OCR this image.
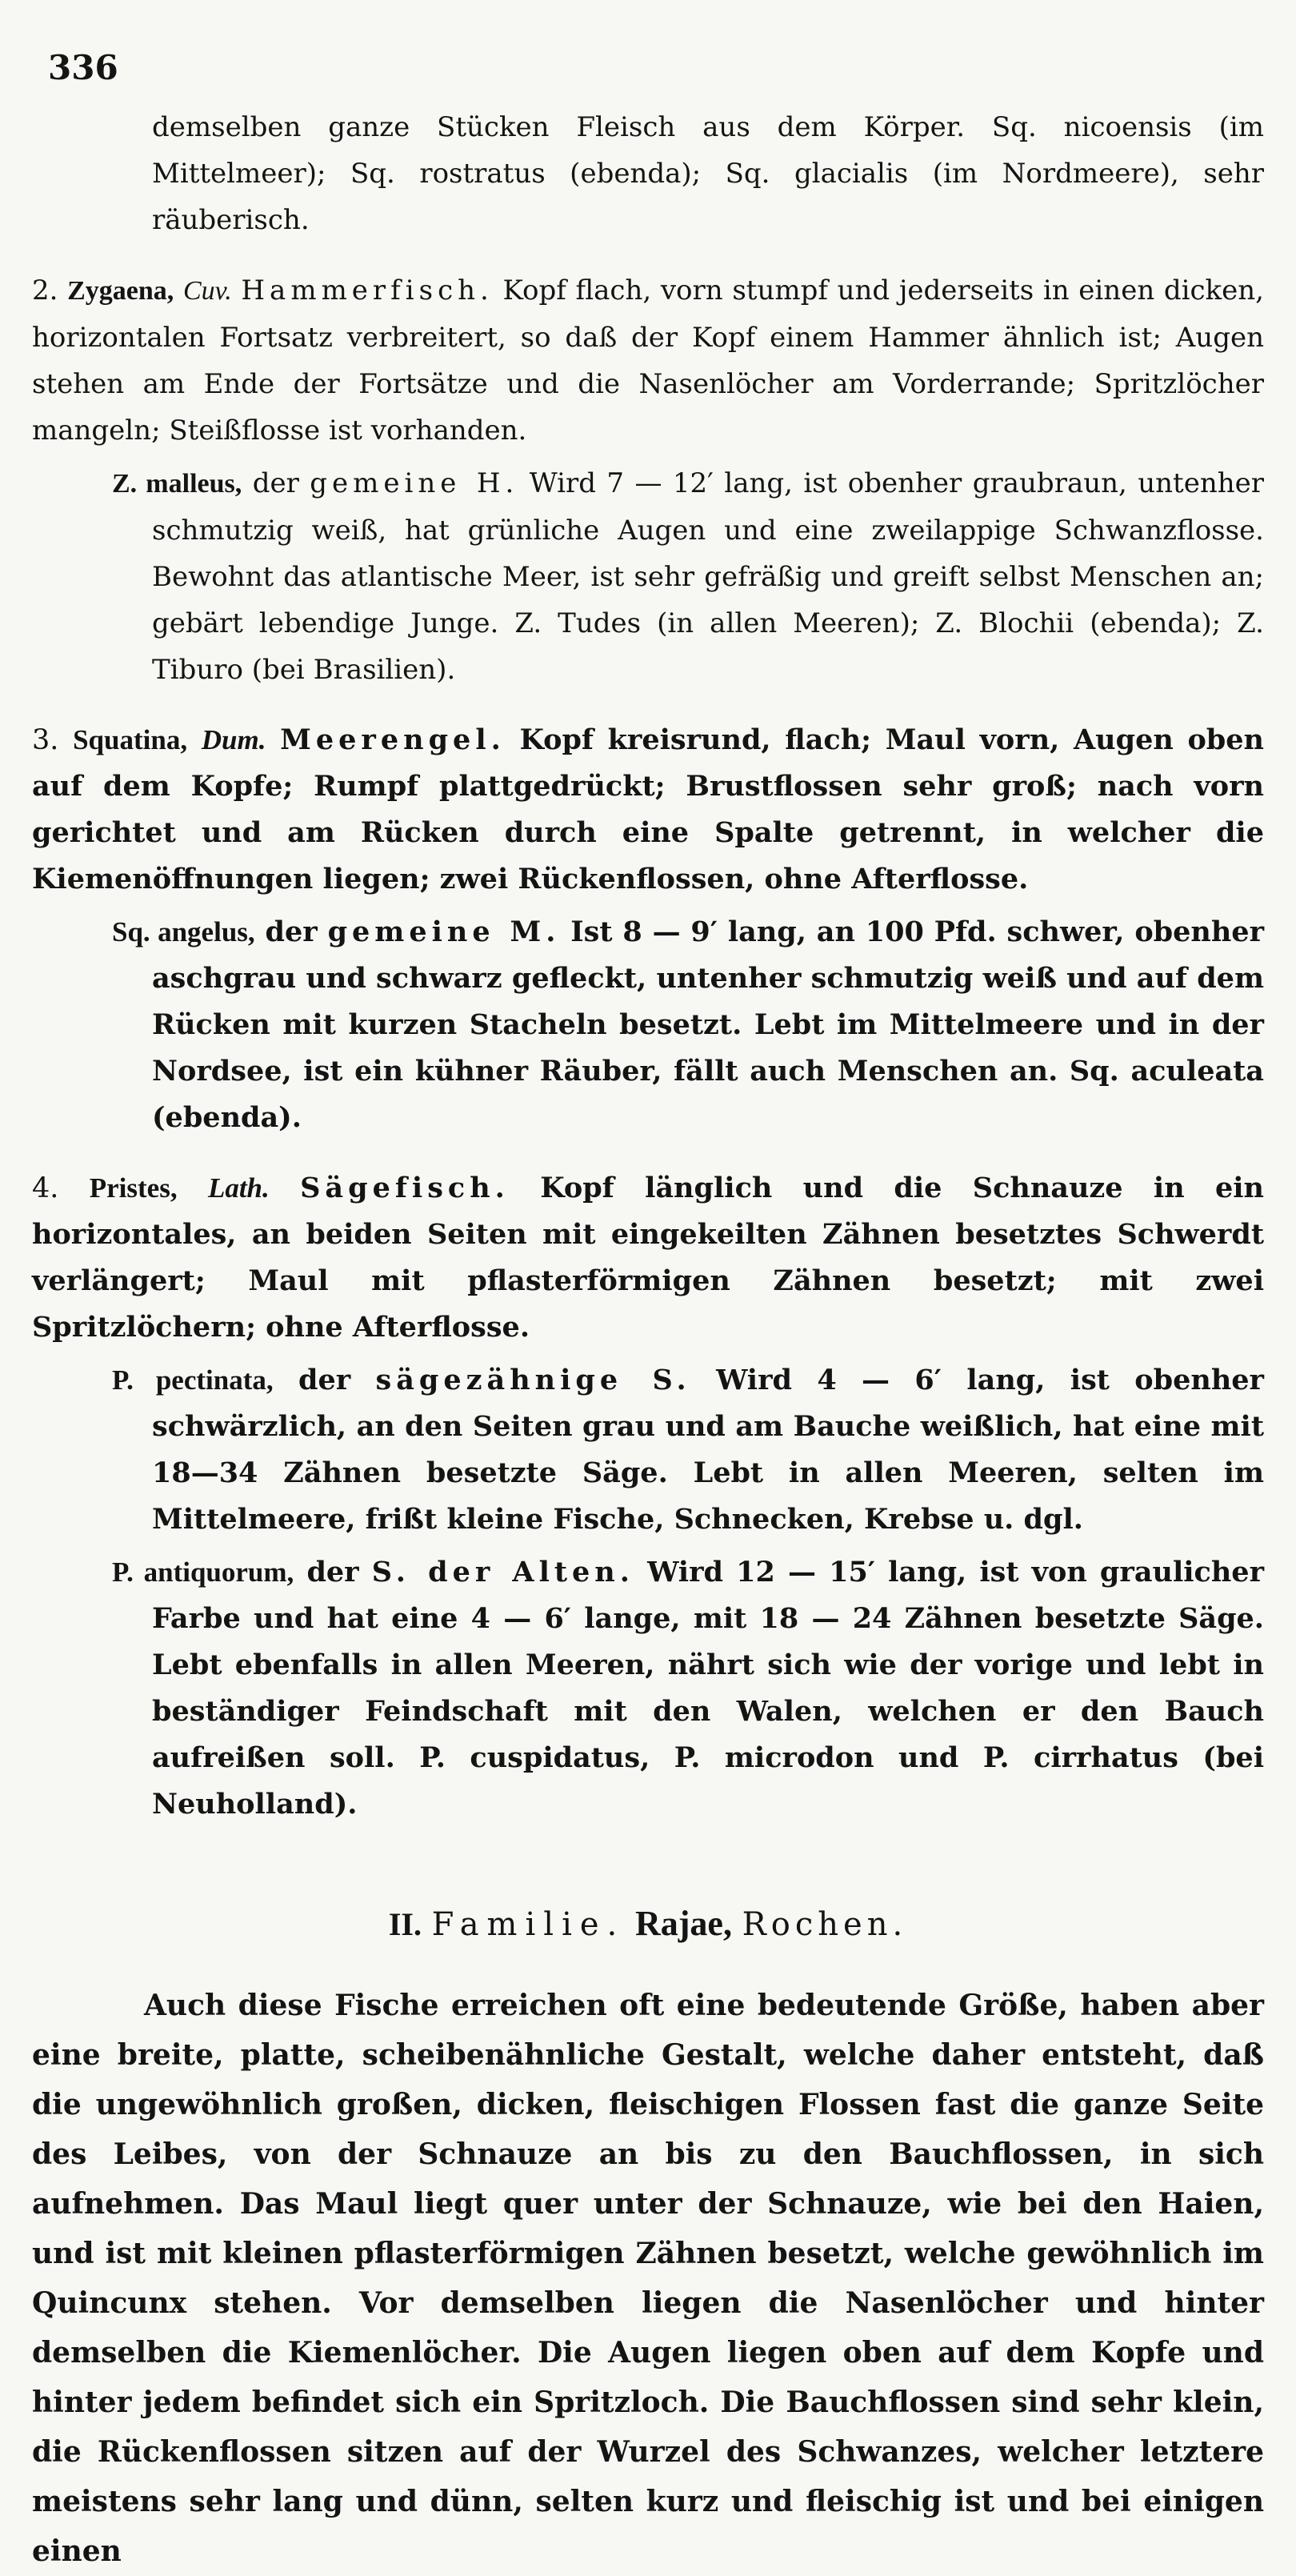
336

demselben ganze Stücken Fleisch aus dem Körper. Sq. nicoensis (im Mittelmeer); Sq. rostratus (ebenda); Sq. glacialis (im Nordmeere), sehr räuberisch.

2. Zygaena, Cuv. Hammerfisch. Kopf flach, vorn stumpf und jederseits in einen dicken, horizontalen Fortsatz verbreitert, so daß der Kopf einem Hammer ähnlich ist; Augen stehen am Ende der Fortsätze und die Nasenlöcher am Vorderrande; Spritzlöcher mangeln; Steißflosse ist vorhanden.

Z. malleus, der gemeine H. Wird 7 — 12′ lang, ist obenher graubraun, untenher schmutzig weiß, hat grünliche Augen und eine zweilappige Schwanzflosse. Bewohnt das atlantische Meer, ist sehr gefräßig und greift selbst Menschen an; gebärt lebendige Junge. Z. Tudes (in allen Meeren); Z. Blochii (ebenda); Z. Tiburo (bei Brasilien).

3. Squatina, Dum. Meerengel. Kopf kreisrund, flach; Maul vorn, Augen oben auf dem Kopfe; Rumpf plattgedrückt; Brustflossen sehr groß; nach vorn gerichtet und am Rücken durch eine Spalte getrennt, in welcher die Kiemenöffnungen liegen; zwei Rückenflossen, ohne Afterflosse.

Sq. angelus, der gemeine M. Ist 8 — 9′ lang, an 100 Pfd. schwer, obenher aschgrau und schwarz gefleckt, untenher schmutzig weiß und auf dem Rücken mit kurzen Stacheln besetzt. Lebt im Mittelmeere und in der Nordsee, ist ein kühner Räuber, fällt auch Menschen an. Sq. aculeata (ebenda).

4. Pristes, Lath. Sägefisch. Kopf länglich und die Schnauze in ein horizontales, an beiden Seiten mit eingekeilten Zähnen besetztes Schwerdt verlängert; Maul mit pflasterförmigen Zähnen besetzt; mit zwei Spritzlöchern; ohne Afterflosse.

P. pectinata, der sägezähnige S. Wird 4 — 6′ lang, ist obenher schwärzlich, an den Seiten grau und am Bauche weißlich, hat eine mit 18—34 Zähnen besetzte Säge. Lebt in allen Meeren, selten im Mittelmeere, frißt kleine Fische, Schnecken, Krebse u. dgl.

P. antiquorum, der S. der Alten. Wird 12 — 15′ lang, ist von graulicher Farbe und hat eine 4 — 6′ lange, mit 18 — 24 Zähnen besetzte Säge. Lebt ebenfalls in allen Meeren, nährt sich wie der vorige und lebt in beständiger Feindschaft mit den Walen, welchen er den Bauch aufreißen soll. P. cuspidatus, P. microdon und P. cirrhatus (bei Neuholland).

II. Familie. Rajae, Rochen.

Auch diese Fische erreichen oft eine bedeutende Größe, haben aber eine breite, platte, scheibenähnliche Gestalt, welche daher entsteht, daß die ungewöhnlich großen, dicken, fleischigen Flossen fast die ganze Seite des Leibes, von der Schnauze an bis zu den Bauchflossen, in sich aufnehmen. Das Maul liegt quer unter der Schnauze, wie bei den Haien, und ist mit kleinen pflasterförmigen Zähnen besetzt, welche gewöhnlich im Quincunx stehen. Vor demselben liegen die Nasenlöcher und hinter demselben die Kiemenlöcher. Die Augen liegen oben auf dem Kopfe und hinter jedem befindet sich ein Spritzloch. Die Bauchflossen sind sehr klein, die Rückenflossen sitzen auf der Wurzel des Schwanzes, welcher letztere meistens sehr lang und dünn, selten kurz und fleischig ist und bei einigen einen
